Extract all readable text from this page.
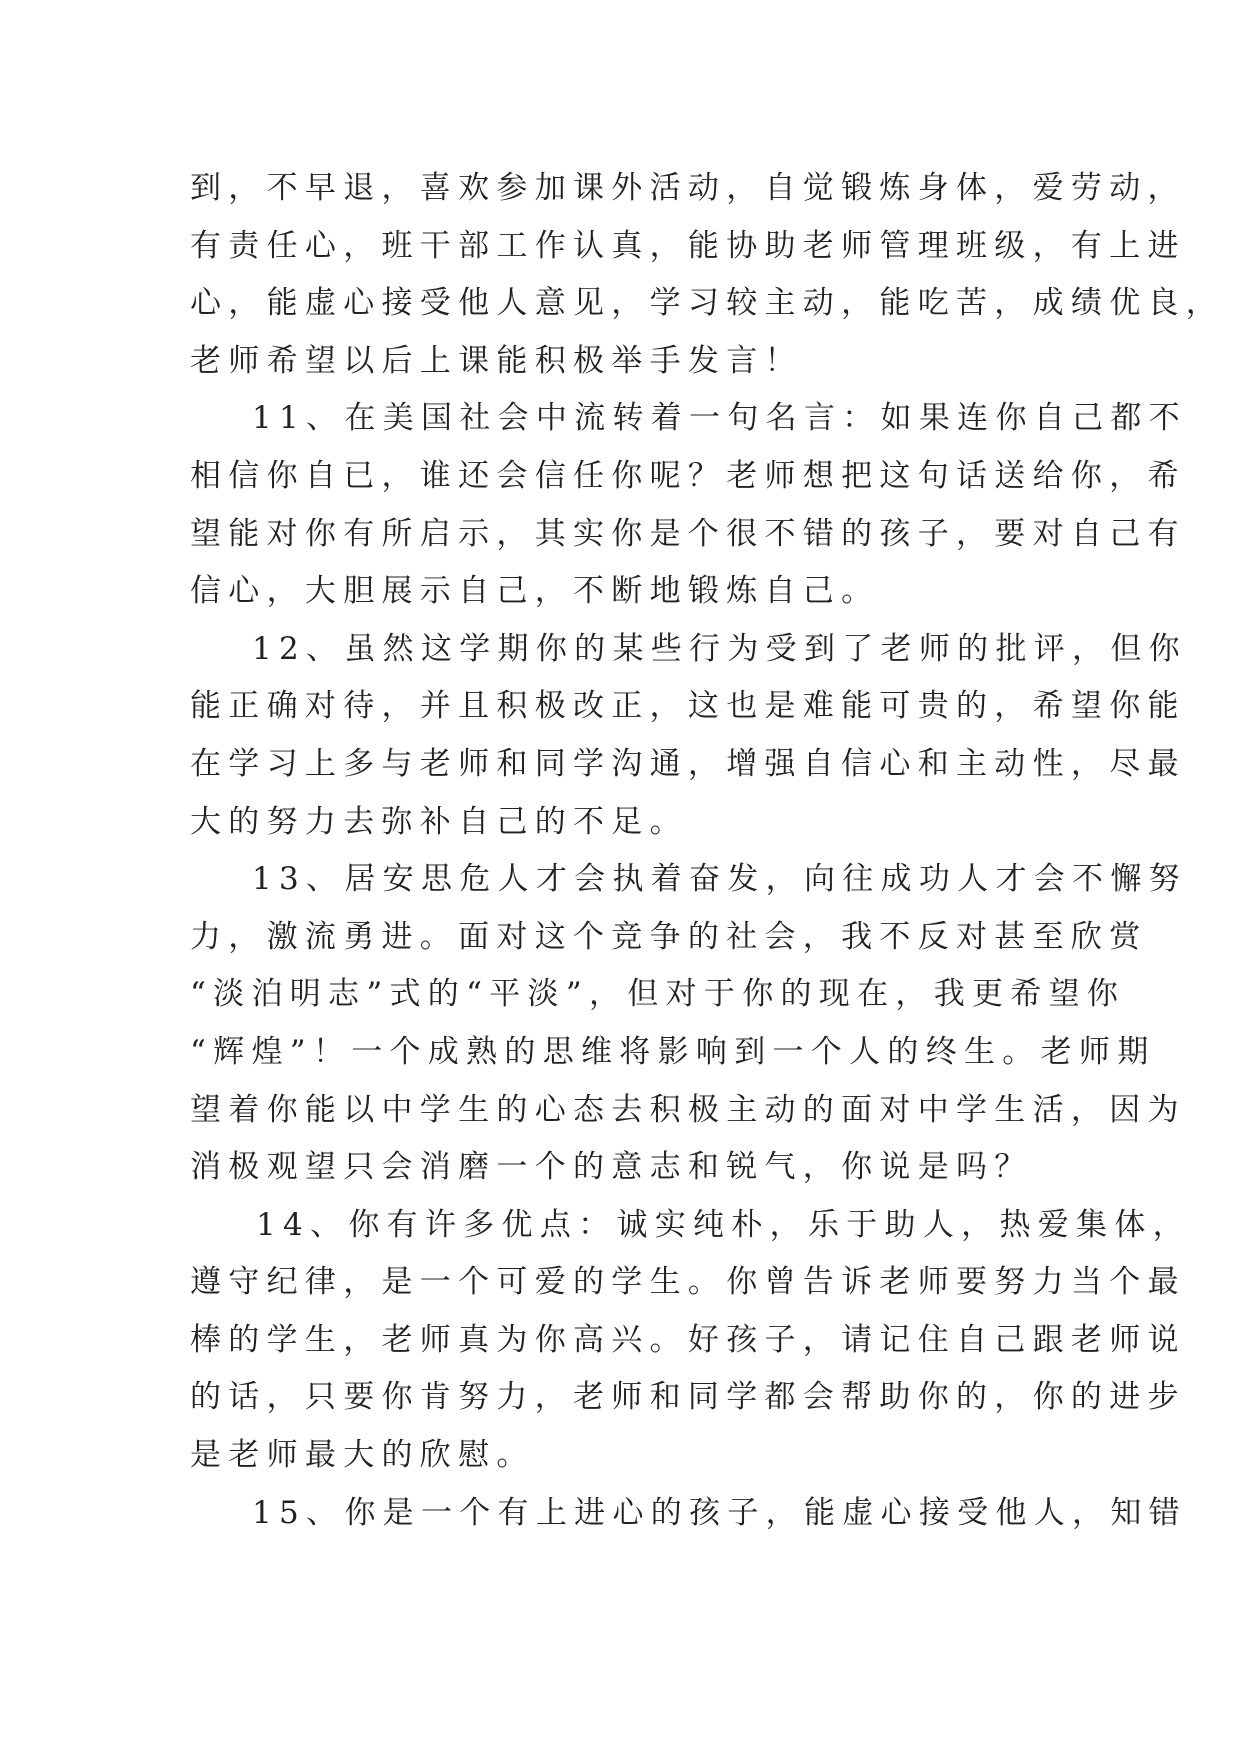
到，不早退，喜欢参加课外活动，自觉锻炼身体，爱劳动，
有责任心，班干部工作认真，能协助老师管理班级，有上进
心，能虚心接受他人意见，学习较主动，能吃苦，成绩优良，
老师希望以后上课能积极举手发言！
11、在美国社会中流转着一句名言：如果连你自己都不
相信你自已，谁还会信任你呢？老师想把这句话送给你，希
望能对你有所启示，其实你是个很不错的孩子，要对自己有
信心，大胆展示自己，不断地锻炼自己。
12、虽然这学期你的某些行为受到了老师的批评，但你
能正确对待，并且积极改正，这也是难能可贵的，希望你能
在学习上多与老师和同学沟通，增强自信心和主动性，尽最
大的努力去弥补自己的不足。
13、居安思危人才会执着奋发，向往成功人才会不懈努
力，激流勇进。面对这个竞争的社会，我不反对甚至欣赏
“淡泊明志”式的“平淡”，但对于你的现在，我更希望你
“辉煌”！一个成熟的思维将影响到一个人的终生。老师期
望着你能以中学生的心态去积极主动的面对中学生活，因为
消极观望只会消磨一个的意志和锐气，你说是吗？
14、你有许多优点：诚实纯朴，乐于助人，热爱集体，
遵守纪律，是一个可爱的学生。你曾告诉老师要努力当个最
棒的学生，老师真为你高兴。好孩子，请记住自己跟老师说
的话，只要你肯努力，老师和同学都会帮助你的，你的进步
是老师最大的欣慰。
15、你是一个有上进心的孩子，能虚心接受他人，知错
